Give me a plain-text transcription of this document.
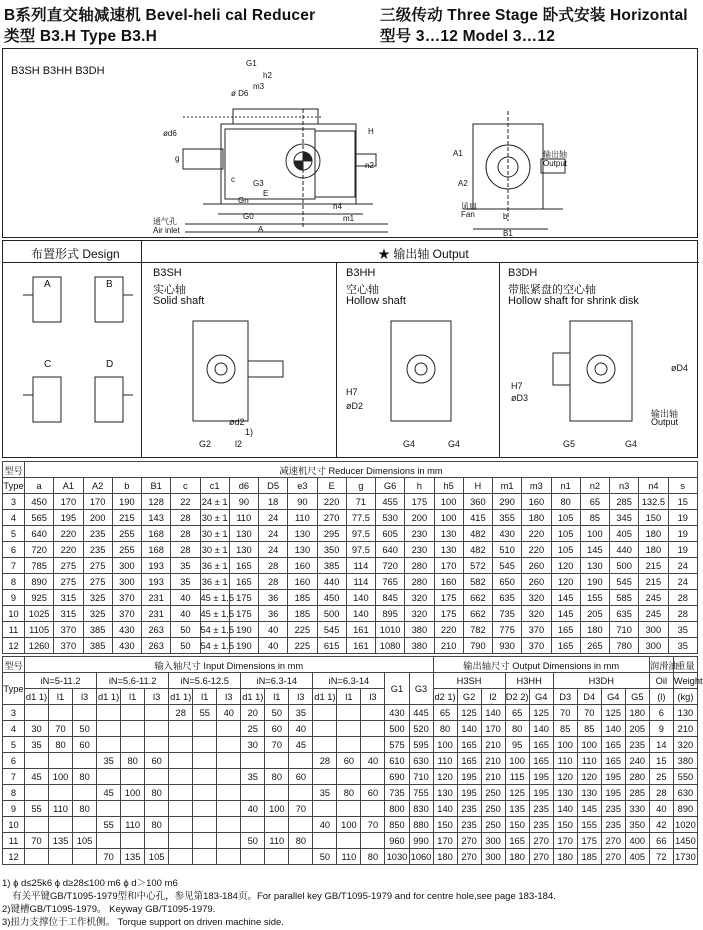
B系列直交轴减速机 Bevel-heli cal Reducer	三级传动 Three Stage 卧式安装 Horizontal
类型 B3.H Type B3.H	型号 3…12 Model 3…12
B3SH B3HH B3DH
G1
h2
m3
ø D6
ød6
g
H
n2
c G3
Gn
E
G0
A
n4
m1
通气孔
Air inlet
A1
b
B1
A2
输出轴
Output
风扇
Fan
布置形式 Design	★ 输出轴 Output
A	B
C	D
B3SH
实心轴
Solid shaft
ød2
1)
G2	l2
B3HH
空心轴
Hollow shaft
H7
øD2
G4	G4
B3DH
带胀紧盘的空心轴
Hollow shaft for shrink disk
H7
øD3
øD4
输出轴
Output
G5	G4
型号	减速机尺寸 Reducer Dimensions in mm																						
Type	a	A1	A2	b	B1	c	c1	d6	D5	e3	E	g	G6	h	h5	H	m1	m3	n1	n2	n3	n4	s
3	450	170	170	190	128	22	24 ± 1	90	18	90	220	71	455	175	100	360	290	160	80	65	285	132.5	15
4	565	195	200	215	143	28	30 ± 1	110	24	110	270	77.5	530	200	100	415	355	180	105	85	345	150	19
5	640	220	235	255	168	28	30 ± 1	130	24	130	295	97.5	605	230	130	482	430	220	105	100	405	180	19
6	720	220	235	255	168	28	30 ± 1	130	24	130	350	97.5	640	230	130	482	510	220	105	145	440	180	19
7	785	275	275	300	193	35	36 ± 1	165	28	160	385	114	720	280	170	572	545	260	120	130	500	215	24
8	890	275	275	300	193	35	36 ± 1	165	28	160	440	114	765	280	160	582	650	260	120	190	545	215	24
9	925	315	325	370	231	40	45 ± 1.5	175	36	185	450	140	845	320	175	662	635	320	145	155	585	245	28
10	1025	315	325	370	231	40	45 ± 1.5	175	36	185	500	140	895	320	175	662	735	320	145	205	635	245	28
11	1105	370	385	430	263	50	54 ± 1.5	190	40	225	545	161	1010	380	220	782	775	370	165	180	710	300	35
12	1260	370	385	430	263	50	54 ± 1.5	190	40	225	615	161	1080	380	210	790	930	370	165	265	780	300	35
型号	输入轴尺寸 Input Dimensions in mm																	输出轴尺寸 Output Dimensions in mm									润滑油	重量
Type	iN=5-11.2			iN=5.6-11.2			iN=5.6-12.5			iN=6.3-14			iN=6.3-14			G1	G3	H3SH			H3HH		H3DH				Oil	Weight
	d1 1)	l1	l3	d1 1)	l1	l3	d1 1)	l1	l3	d1 1)	l1	l3	d1 1)	l1	l3			d2 1)	G2	l2	D2 2)	G4	D3	D4	G4	G5	(l)	(kg)
3							28	55	40	20	50	35				430	445	65	125	140	65	125	70	70	125	180	6	130
4	30	70	50							25	60	40				500	520	80	140	170	80	140	85	85	140	205	9	210
5	35	80	60							30	70	45				575	595	100	165	210	95	165	100	100	165	235	14	320
6				35	80	60							28	60	40	610	630	110	165	210	100	165	110	110	165	240	15	380
7	45	100	80							35	80	60				690	710	120	195	210	115	195	120	120	195	280	25	550
8				45	100	80							35	80	60	735	755	130	195	250	125	195	130	130	195	285	28	630
9	55	110	80							40	100	70				800	830	140	235	250	135	235	140	145	235	330	40	890
10				55	110	80							40	100	70	850	880	150	235	250	150	235	150	155	235	350	42	1020
11	70	135	105							50	110	80				960	990	170	270	300	165	270	170	175	270	400	66	1450
12				70	135	105							50	110	80	1030	1060	180	270	300	180	270	180	185	270	405	72	1730
1) ϕ d≤25k6 ϕ d≥28≤100 m6 ϕ d＞100 m6
有关平键GB/T1095-1979型和中心孔，参见第183-184页。For parallel key GB/T1095-1979 and for centre hole,see page 183-184.
2)键槽GB/T1095-1979。 Keyway GB/T1095-1979.
3)扭力支撑位于工作机侧。 Torque support on driven machine side.
